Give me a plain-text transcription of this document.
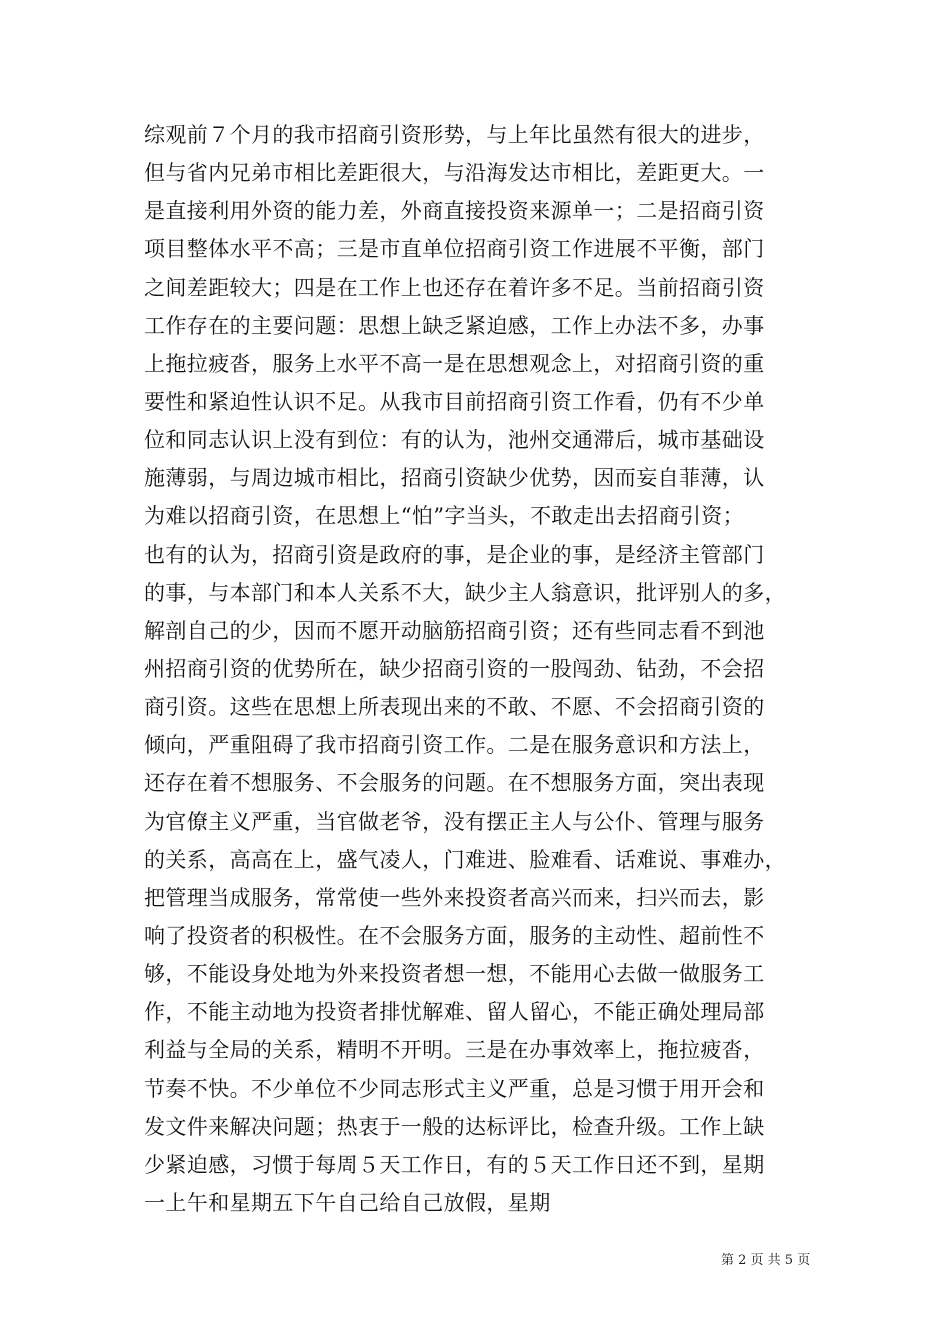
综观前７个月的我市招商引资形势，与上年比虽然有很大的进步，
但与省内兄弟市相比差距很大，与沿海发达市相比，差距更大。一
是直接利用外资的能力差，外商直接投资来源单一；二是招商引资
项目整体水平不高；三是市直单位招商引资工作进展不平衡，部门
之间差距较大；四是在工作上也还存在着许多不足。当前招商引资
工作存在的主要问题：思想上缺乏紧迫感，工作上办法不多，办事
上拖拉疲沓，服务上水平不高一是在思想观念上，对招商引资的重
要性和紧迫性认识不足。从我市目前招商引资工作看，仍有不少单
位和同志认识上没有到位：有的认为，池州交通滞后，城市基础设
施薄弱，与周边城市相比，招商引资缺少优势，因而妄自菲薄，认
为难以招商引资，在思想上“怕”字当头，不敢走出去招商引资；
也有的认为，招商引资是政府的事，是企业的事，是经济主管部门
的事，与本部门和本人关系不大，缺少主人翁意识，批评别人的多，
解剖自己的少，因而不愿开动脑筋招商引资；还有些同志看不到池
州招商引资的优势所在，缺少招商引资的一股闯劲、钻劲，不会招
商引资。这些在思想上所表现出来的不敢、不愿、不会招商引资的
倾向，严重阻碍了我市招商引资工作。二是在服务意识和方法上，
还存在着不想服务、不会服务的问题。在不想服务方面，突出表现
为官僚主义严重，当官做老爷，没有摆正主人与公仆、管理与服务
的关系，高高在上，盛气凌人，门难进、脸难看、话难说、事难办，
把管理当成服务，常常使一些外来投资者高兴而来，扫兴而去，影
响了投资者的积极性。在不会服务方面，服务的主动性、超前性不
够，不能设身处地为外来投资者想一想，不能用心去做一做服务工
作，不能主动地为投资者排忧解难、留人留心，不能正确处理局部
利益与全局的关系，精明不开明。三是在办事效率上，拖拉疲沓，
节奏不快。不少单位不少同志形式主义严重，总是习惯于用开会和
发文件来解决问题；热衷于一般的达标评比，检查升级。工作上缺
少紧迫感，习惯于每周５天工作日，有的５天工作日还不到，星期
一上午和星期五下午自己给自己放假，星期
第 2 页 共 5 页
